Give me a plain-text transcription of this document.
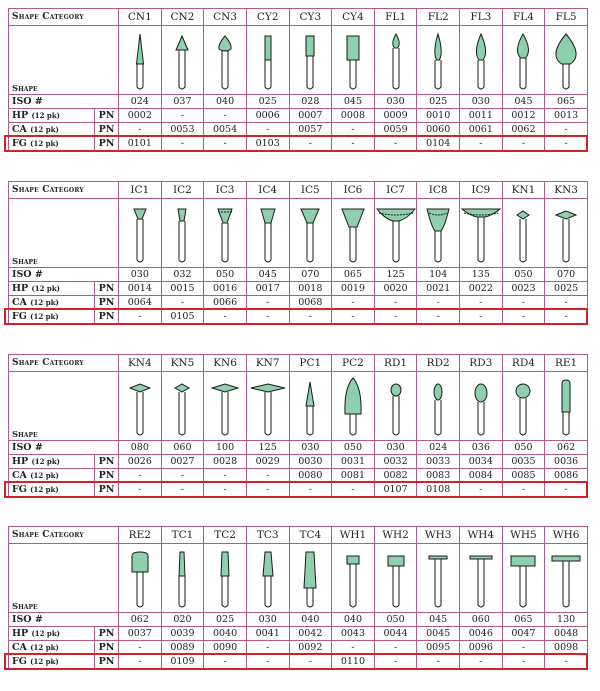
Shape Category		CN1	CN2	CN3	CY2	CY3	CY4	FL1	FL2	FL3	FL4	FL5
Shape	

ISO #		024	037	040	025	028	045	030	025	030	045	065
HP (12 pk)	PN	0002	-	-	0006	0007	0008	0009	0010	0011	0012	0013
CA (12 pk)	PN	-	0053	0054	-	0057	-	0059	0060	0061	0062	-
FG (12 pk)	PN	0101	-	-	0103	-	-	-	0104	-	-	-
Shape Category		IC1	IC2	IC3	IC4	IC5	IC6	IC7	IC8	IC9	KN1	KN3
Shape	

ISO #		030	032	050	045	070	065	125	104	135	050	070
HP (12 pk)	PN	0014	0015	0016	0017	0018	0019	0020	0021	0022	0023	0025
CA (12 pk)	PN	0064	-	0066	-	0068	-	-	-	-	-	-
FG (12 pk)	PN	-	0105	-	-	-	-	-	-	-	-	-
Shape Category		KN4	KN5	KN6	KN7	PC1	PC2	RD1	RD2	RD3	RD4	RE1
Shape	

ISO #		080	060	100	125	030	050	030	024	036	050	062
HP (12 pk)	PN	0026	0027	0028	0029	0030	0031	0032	0033	0034	0035	0036
CA (12 pk)	PN	-	-	-	-	0080	0081	0082	0083	0084	0085	0086
FG (12 pk)	PN	-	-	-	-	-	-	0107	0108	-	-	-
Shape Category		RE2	TC1	TC2	TC3	TC4	WH1	WH2	WH3	WH4	WH5	WH6
Shape	

ISO #		062	020	025	030	040	040	050	045	060	065	130
HP (12 pk)	PN	0037	0039	0040	0041	0042	0043	0044	0045	0046	0047	0048
CA (12 pk)	PN	-	0089	0090	-	0092	-	-	0095	0096	-	0098
FG (12 pk)	PN	-	0109	-	-	-	0110	-	-	-	-	-
